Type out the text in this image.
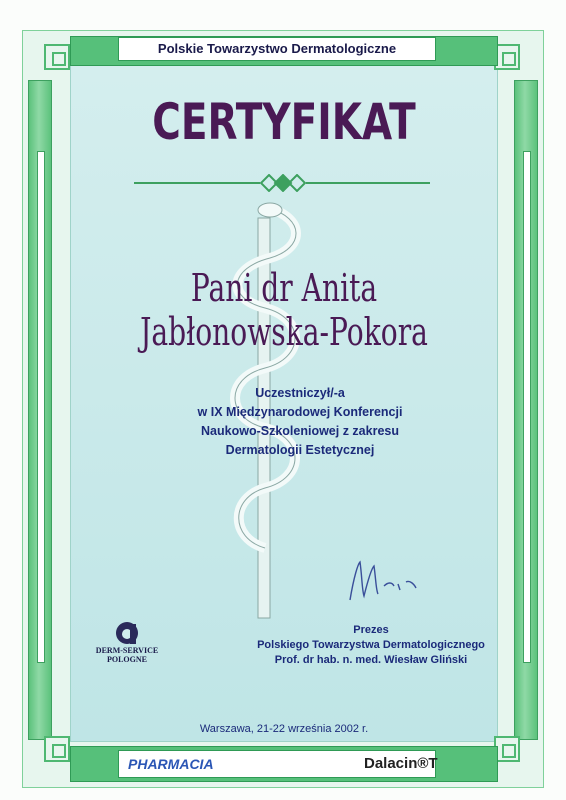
Polskie Towarzystwo Dermatologiczne
CERTYFIKAT
Pani dr Anita Jabłonowska-Pokora
Uczestniczył/-a
w IX Międzynarodowej Konferencji
Naukowo-Szkoleniowej z zakresu
Dermatologii Estetycznej
Prezes
Polskiego Towarzystwa Dermatologicznego
Prof. dr hab. n. med. Wiesław Gliński
DERM-SERVICE
POLOGNE
Warszawa, 21-22 września 2002 r.
PHARMACIA	Dalacin®T
